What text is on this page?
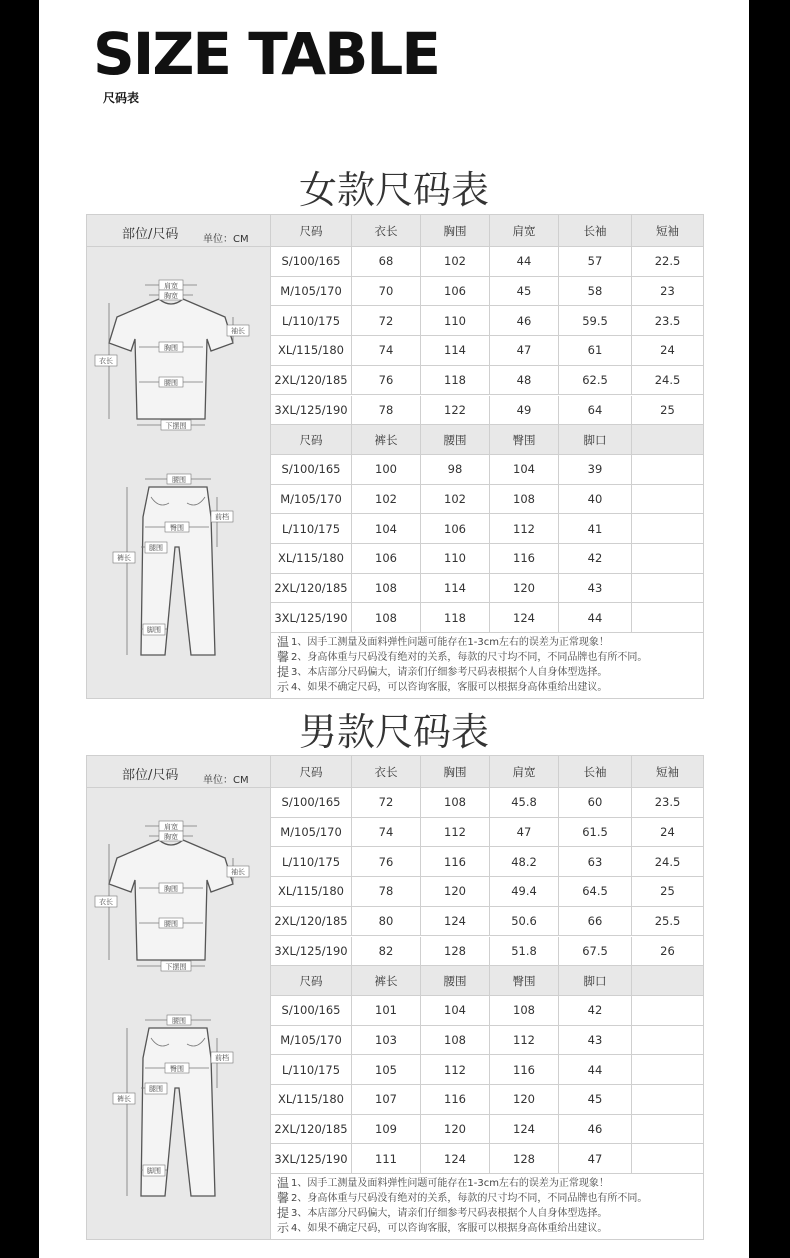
SIZE TABLE
尺码表
女款尺码表
部位/尺码 单位：CM
肩宽
胸宽
袖长
胸围
衣长
腰围
下摆围
腰围
臀围
前档
腿围
裤长
脚围
尺码	衣长	胸围	肩宽	长袖	短袖
S/100/165	68	102	44	57	22.5
M/105/170	70	106	45	58	23
L/110/175	72	110	46	59.5	23.5
XL/115/180	74	114	47	61	24
2XL/120/185	76	118	48	62.5	24.5
3XL/125/190	78	122	49	64	25
尺码	裤长	腰围	臀围	脚口
S/100/165	100	98	104	39
M/105/170	102	102	108	40
L/110/175	104	106	112	41
XL/115/180	106	110	116	42
2XL/120/185	108	114	120	43
3XL/125/190	108	118	124	44
温
馨
提
示
1、因手工测量及面料弹性问题可能存在1-3cm左右的误差为正常现象！
2、身高体重与尺码没有绝对的关系，每款的尺寸均不同，不同品牌也有所不同。
3、本店部分尺码偏大，请亲们仔细参考尺码表根据个人自身体型选择。
4、如果不确定尺码，可以咨询客服，客服可以根据身高体重给出建议。
男款尺码表
部位/尺码 单位：CM
肩宽
胸宽
袖长
胸围
衣长
腰围
下摆围
腰围
臀围
前档
腿围
裤长
脚围
尺码	衣长	胸围	肩宽	长袖	短袖
S/100/165	72	108	45.8	60	23.5
M/105/170	74	112	47	61.5	24
L/110/175	76	116	48.2	63	24.5
XL/115/180	78	120	49.4	64.5	25
2XL/120/185	80	124	50.6	66	25.5
3XL/125/190	82	128	51.8	67.5	26
尺码	裤长	腰围	臀围	脚口
S/100/165	101	104	108	42
M/105/170	103	108	112	43
L/110/175	105	112	116	44
XL/115/180	107	116	120	45
2XL/120/185	109	120	124	46
3XL/125/190	111	124	128	47
温
馨
提
示
1、因手工测量及面料弹性问题可能存在1-3cm左右的误差为正常现象！
2、身高体重与尺码没有绝对的关系，每款的尺寸均不同，不同品牌也有所不同。
3、本店部分尺码偏大，请亲们仔细参考尺码表根据个人自身体型选择。
4、如果不确定尺码，可以咨询客服，客服可以根据身高体重给出建议。
